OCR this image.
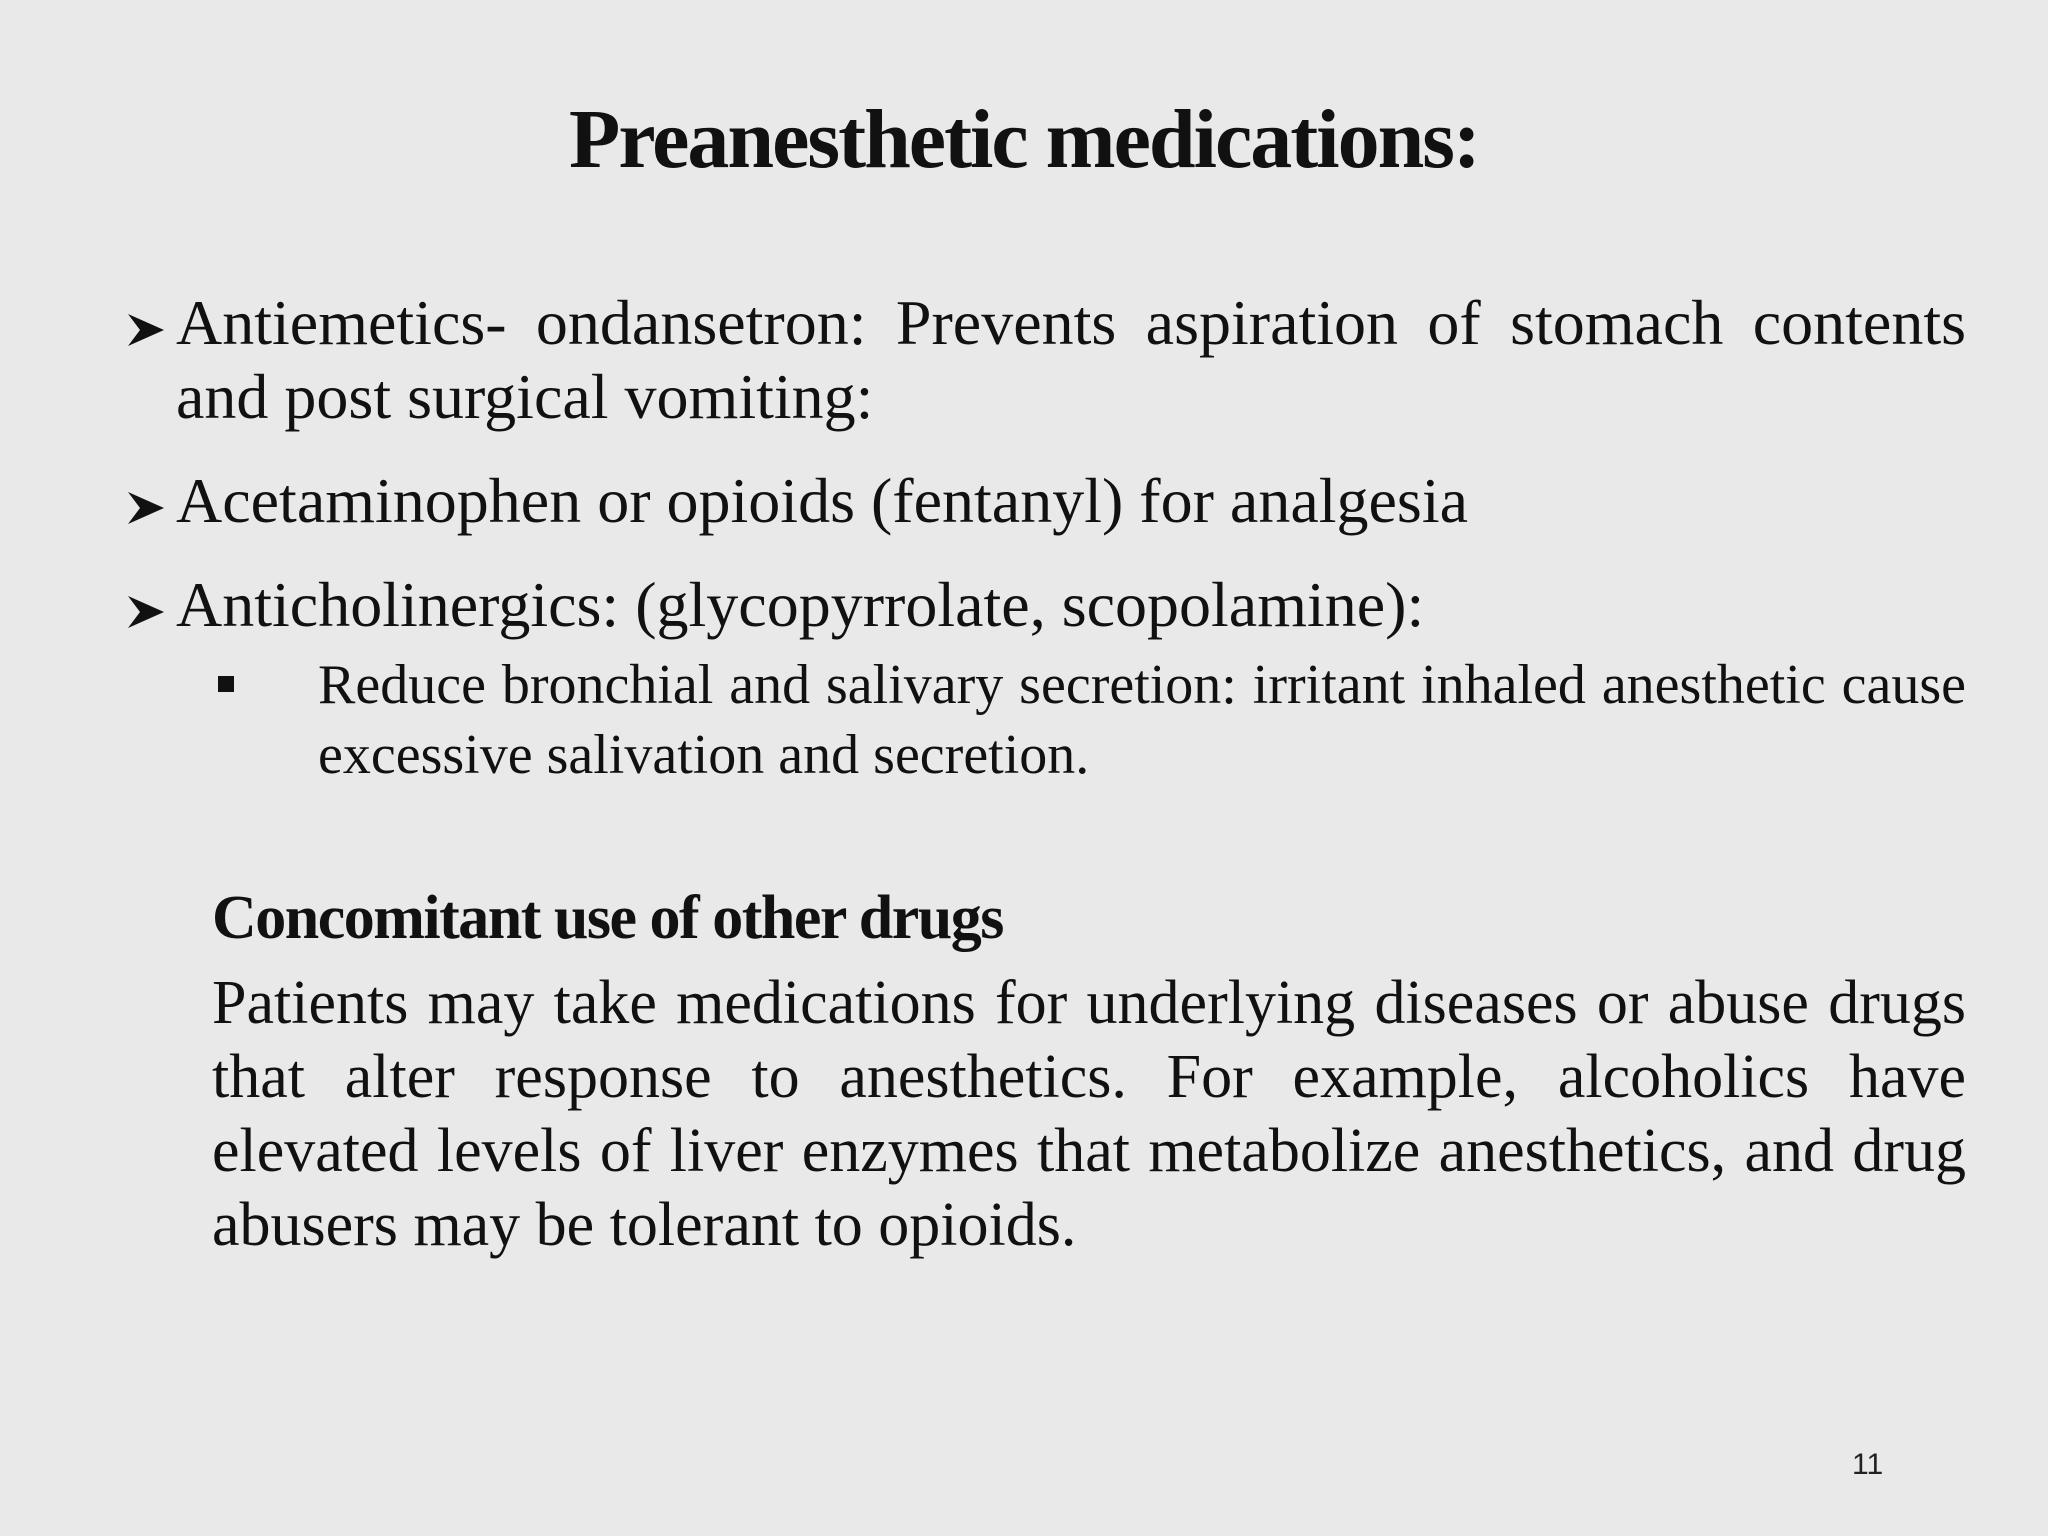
Preanesthetic medications:
Antiemetics- ondansetron: Prevents aspiration of stomach contents and post surgical vomiting:
Acetaminophen or opioids (fentanyl) for analgesia
Anticholinergics: (glycopyrrolate, scopolamine):
Reduce bronchial and salivary secretion: irritant inhaled anesthetic cause excessive salivation and secretion.
Concomitant use of other drugs
Patients may take medications for underlying diseases or abuse drugs that alter response to anesthetics. For example, alcoholics have elevated levels of liver enzymes that metabolize anesthetics, and drug abusers may be tolerant to opioids.
11
